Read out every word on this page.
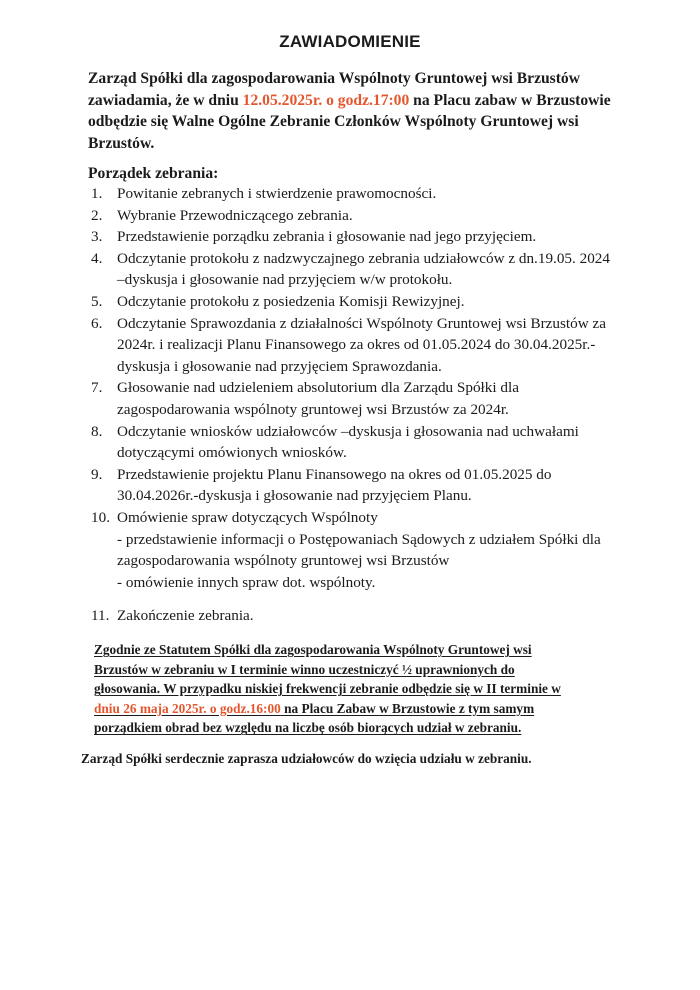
ZAWIADOMIENIE
Zarząd Spółki dla zagospodarowania Wspólnoty Gruntowej wsi Brzustów zawiadamia, że w dniu 12.05.2025r. o godz.17:00 na Placu zabaw w Brzustowie odbędzie się Walne Ogólne Zebranie Członków Wspólnoty Gruntowej wsi Brzustów.
Porządek zebrania:
1. Powitanie zebranych i stwierdzenie prawomocności.
2. Wybranie Przewodniczącego zebrania.
3. Przedstawienie porządku zebrania i głosowanie nad jego przyjęciem.
4. Odczytanie protokołu z nadzwyczajnego zebrania udziałowców z dn.19.05. 2024 –dyskusja i głosowanie nad przyjęciem w/w protokołu.
5. Odczytanie protokołu z posiedzenia Komisji Rewizyjnej.
6. Odczytanie Sprawozdania z działalności Wspólnoty Gruntowej wsi Brzustów za 2024r. i realizacji Planu Finansowego za okres od 01.05.2024 do 30.04.2025r.- dyskusja i głosowanie nad przyjęciem Sprawozdania.
7. Głosowanie nad udzieleniem absolutorium dla Zarządu Spółki dla zagospodarowania wspólnoty gruntowej wsi Brzustów za 2024r.
8. Odczytanie wniosków udziałowców –dyskusja i głosowania nad uchwałami dotyczącymi omówionych wniosków.
9. Przedstawienie projektu Planu Finansowego na okres od 01.05.2025 do 30.04.2026r.-dyskusja i głosowanie nad przyjęciem Planu.
10. Omówienie spraw dotyczących Wspólnoty
- przedstawienie informacji o Postępowaniach Sądowych z udziałem Spółki dla zagospodarowania wspólnoty gruntowej wsi Brzustów
- omówienie innych spraw dot. wspólnoty.
11. Zakończenie zebrania.
Zgodnie ze Statutem Spółki dla zagospodarowania Wspólnoty Gruntowej wsi Brzustów w zebraniu w I terminie winno uczestniczyć ½ uprawnionych do głosowania. W przypadku niskiej frekwencji zebranie odbędzie się w II terminie w dniu 26 maja 2025r. o godz.16:00 na Placu Zabaw w Brzustowie z tym samym porządkiem obrad bez względu na liczbę osób biorących udział w zebraniu.
Zarząd Spółki serdecznie zaprasza udziałowców do wzięcia udziału w zebraniu.
